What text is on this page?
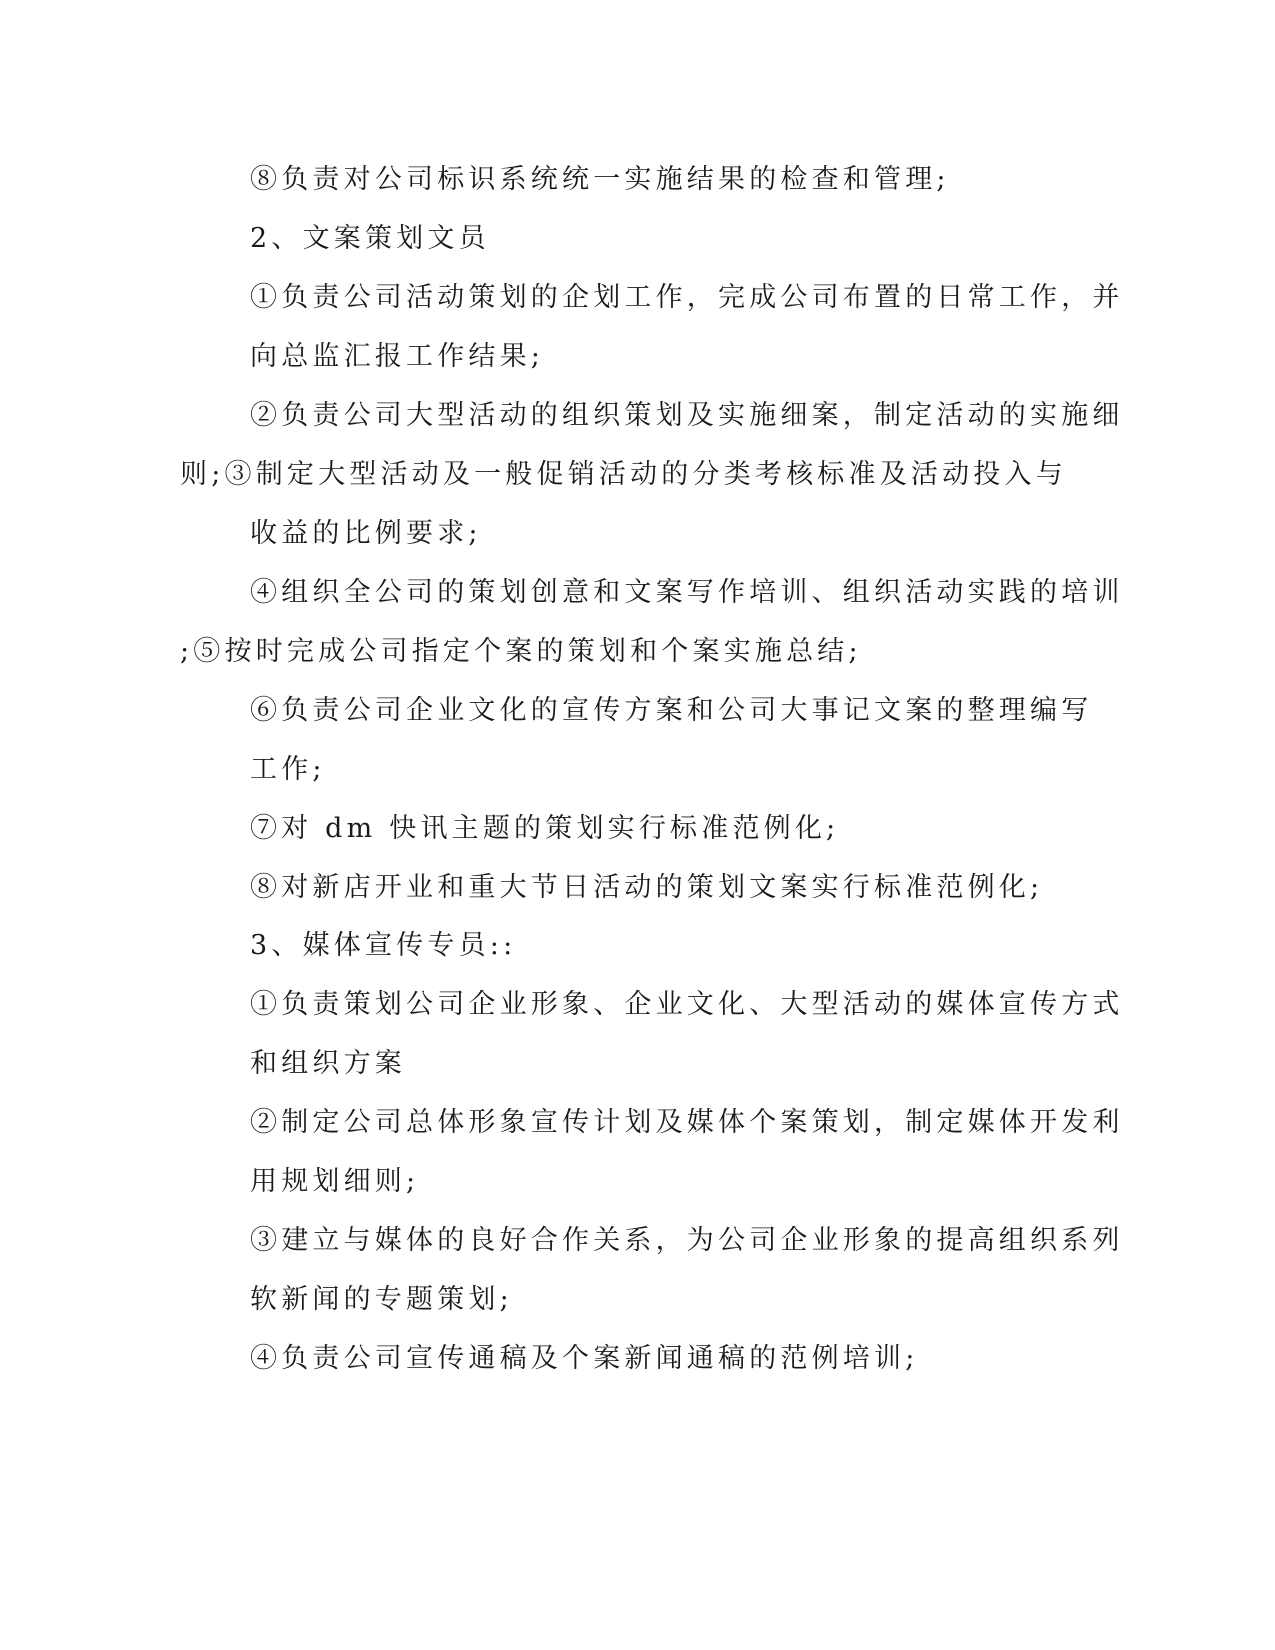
⑧负责对公司标识系统统一实施结果的检查和管理;
2、文案策划文员
①负责公司活动策划的企划工作，完成公司布置的日常工作，并
向总监汇报工作结果;
②负责公司大型活动的组织策划及实施细案，制定活动的实施细
则;③制定大型活动及一般促销活动的分类考核标准及活动投入与
收益的比例要求;
④组织全公司的策划创意和文案写作培训、组织活动实践的培训
;⑤按时完成公司指定个案的策划和个案实施总结;
⑥负责公司企业文化的宣传方案和公司大事记文案的整理编写
工作;
⑦对 dm 快讯主题的策划实行标准范例化;
⑧对新店开业和重大节日活动的策划文案实行标准范例化;
3、媒体宣传专员::
①负责策划公司企业形象、企业文化、大型活动的媒体宣传方式
和组织方案
②制定公司总体形象宣传计划及媒体个案策划，制定媒体开发利
用规划细则;
③建立与媒体的良好合作关系，为公司企业形象的提高组织系列
软新闻的专题策划;
④负责公司宣传通稿及个案新闻通稿的范例培训;
